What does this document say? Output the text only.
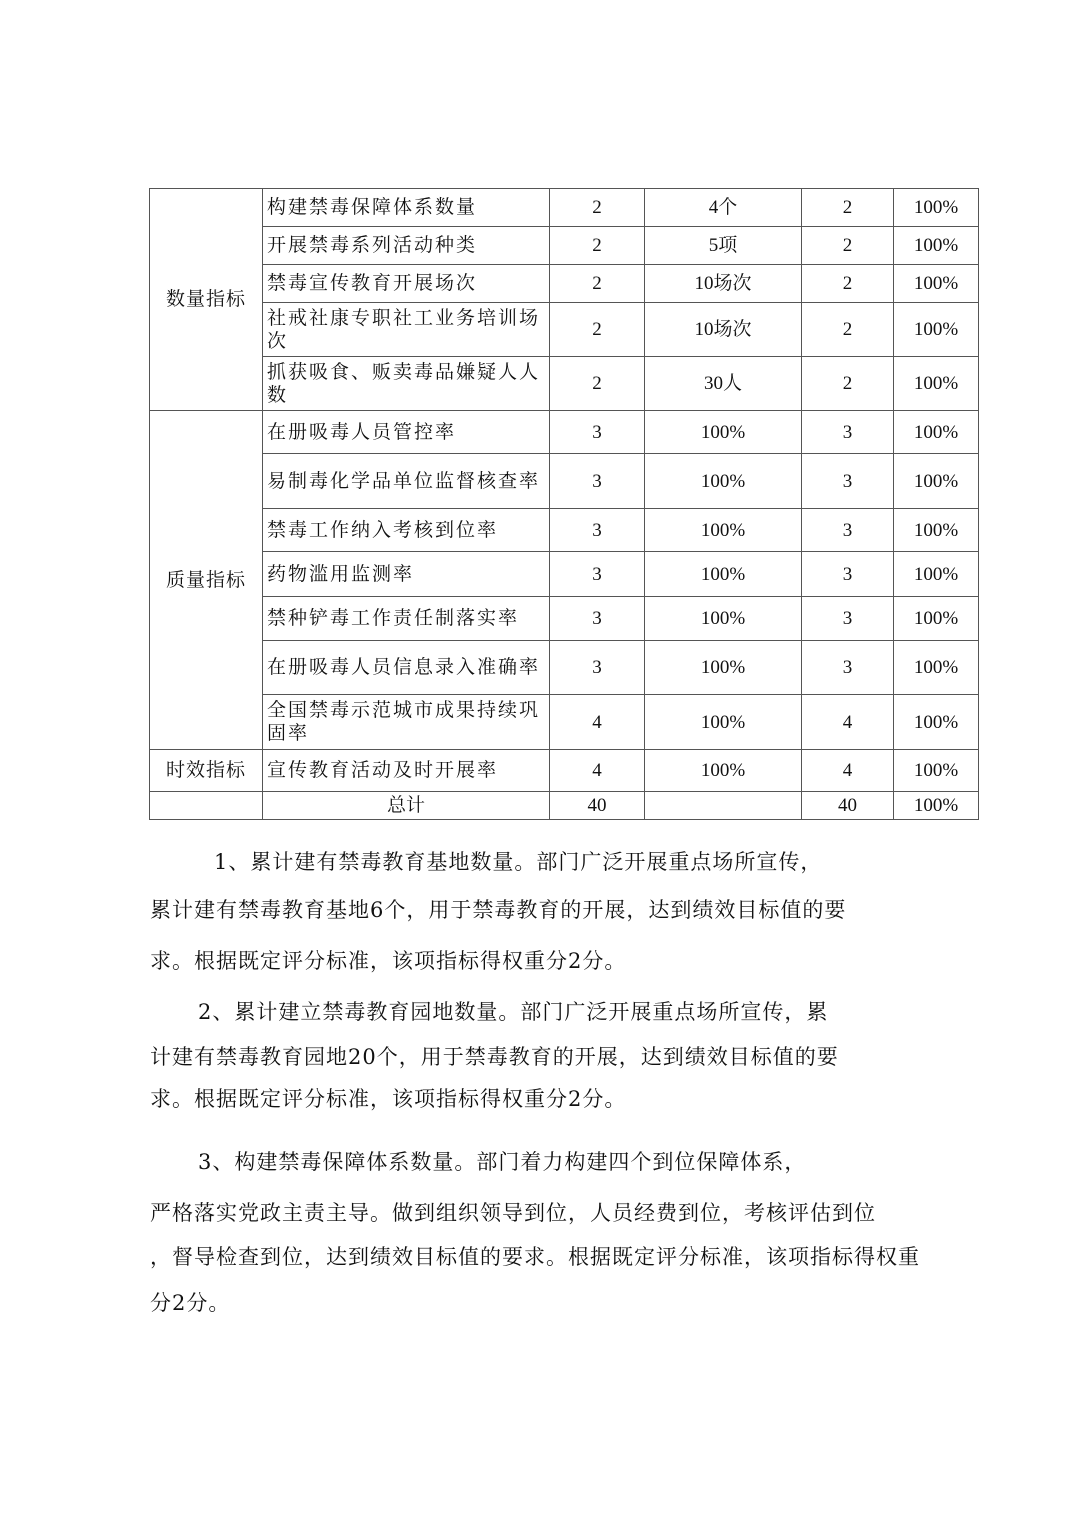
数量指标	构建禁毒保障体系数量	2	4个	2	100%
	开展禁毒系列活动种类	2	5项	2	100%
	禁毒宣传教育开展场次	2	10场次	2	100%
	社戒社康专职社工业务培训场次	2	10场次	2	100%
	抓获吸食、贩卖毒品嫌疑人人数	2	30人	2	100%
质量指标	在册吸毒人员管控率	3	100%	3	100%
	易制毒化学品单位监督核查率	3	100%	3	100%
	禁毒工作纳入考核到位率	3	100%	3	100%
	药物滥用监测率	3	100%	3	100%
	禁种铲毒工作责任制落实率	3	100%	3	100%
	在册吸毒人员信息录入准确率	3	100%	3	100%
	全国禁毒示范城市成果持续巩固率	4	100%	4	100%
时效指标	宣传教育活动及时开展率	4	100%	4	100%
	总计	40		40	100%
1、累计建有禁毒教育基地数量。部门广泛开展重点场所宣传，
累计建有禁毒教育基地6个，用于禁毒教育的开展，达到绩效目标值的要
求。根据既定评分标准，该项指标得权重分2分。
2、累计建立禁毒教育园地数量。部门广泛开展重点场所宣传，累
计建有禁毒教育园地20个，用于禁毒教育的开展，达到绩效目标值的要
求。根据既定评分标准，该项指标得权重分2分。
3、构建禁毒保障体系数量。部门着力构建四个到位保障体系，
严格落实党政主责主导。做到组织领导到位，人员经费到位，考核评估到位
，督导检查到位，达到绩效目标值的要求。根据既定评分标准，该项指标得权重
分2分。
